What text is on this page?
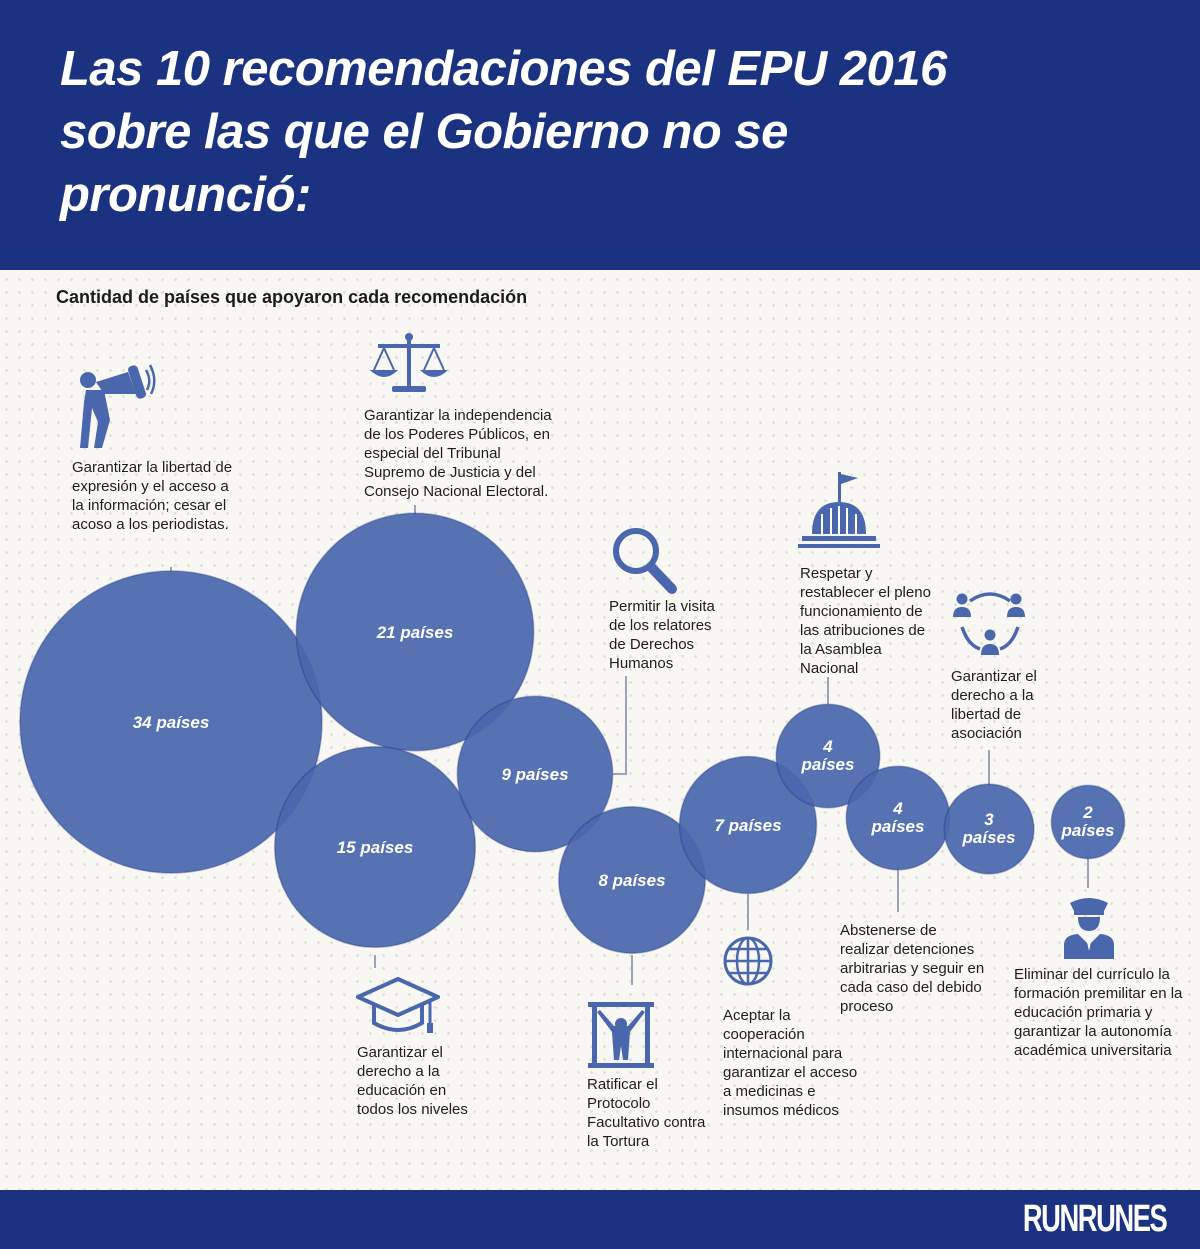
Las 10 recomendaciones del EPU 2016 sobre las que el Gobierno no se pronunció:

Cantidad de países que apoyaron cada recomendación

34 países
21 países
15 países
9 países
8 países
7 países
4 países
4 países	3 países
2 países

Garantizar la libertad de expresión y el acceso a la información; cesar el acoso a los periodistas.

Garantizar la independencia de los Poderes Públicos, en especial del Tribunal Supremo de Justicia y del Consejo Nacional Electoral.

Garantizar el derecho a la educación en todos los niveles

Permitir la visita de los relatores de Derechos Humanos

Ratificar el Protocolo Facultativo contra la Tortura

Aceptar la cooperación internacional para garantizar el acceso a medicinas e insumos médicos

Respetar y restablecer el pleno funcionamiento de las atribuciones de la Asamblea Nacional

Abstenerse de realizar detenciones arbitrarias y seguir en cada caso del debido proceso

Garantizar el derecho a la libertad de asociación

Eliminar del currículo la formación premilitar en la educación primaria y garantizar la autonomía académica universitaria

RUNRUNES
